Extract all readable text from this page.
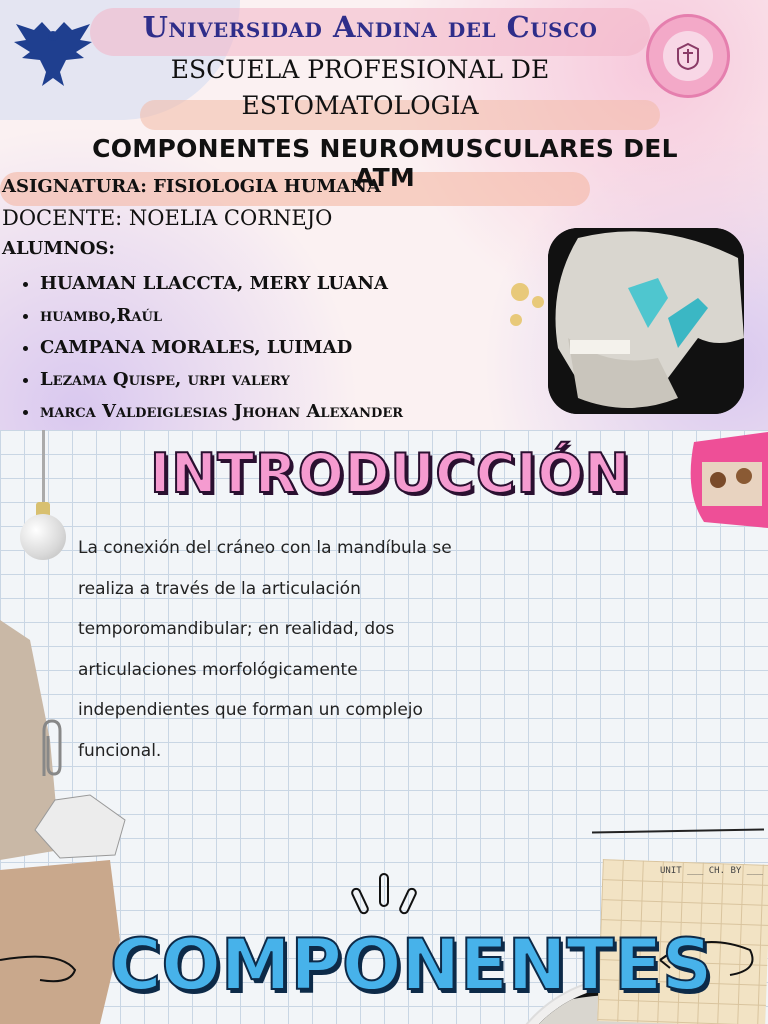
Universidad Andina del Cusco
ESCUELA PROFESIONAL DE
ESTOMATOLOGIA
COMPONENTES NEUROMUSCULARES DEL ATM
ASIGNATURA: FISIOLOGIA HUMANA
DOCENTE: NOELIA CORNEJO
ALUMNOS:
• HUAMAN LLACCTA, MERY LUANA
• huambo,Raúl
• CAMPANA MORALES, LUIMAD
• Lezama Quispe, urpi valery
• marca Valdeiglesias Jhohan Alexander
INTRODUCCIÓN
La conexión del cráneo con la mandíbula se realiza a través de la articulación temporomandibular; en realidad, dos articulaciones morfológicamente independientes que forman un complejo funcional.
UNIT ___ CH. BY ___
COMPONENTES
